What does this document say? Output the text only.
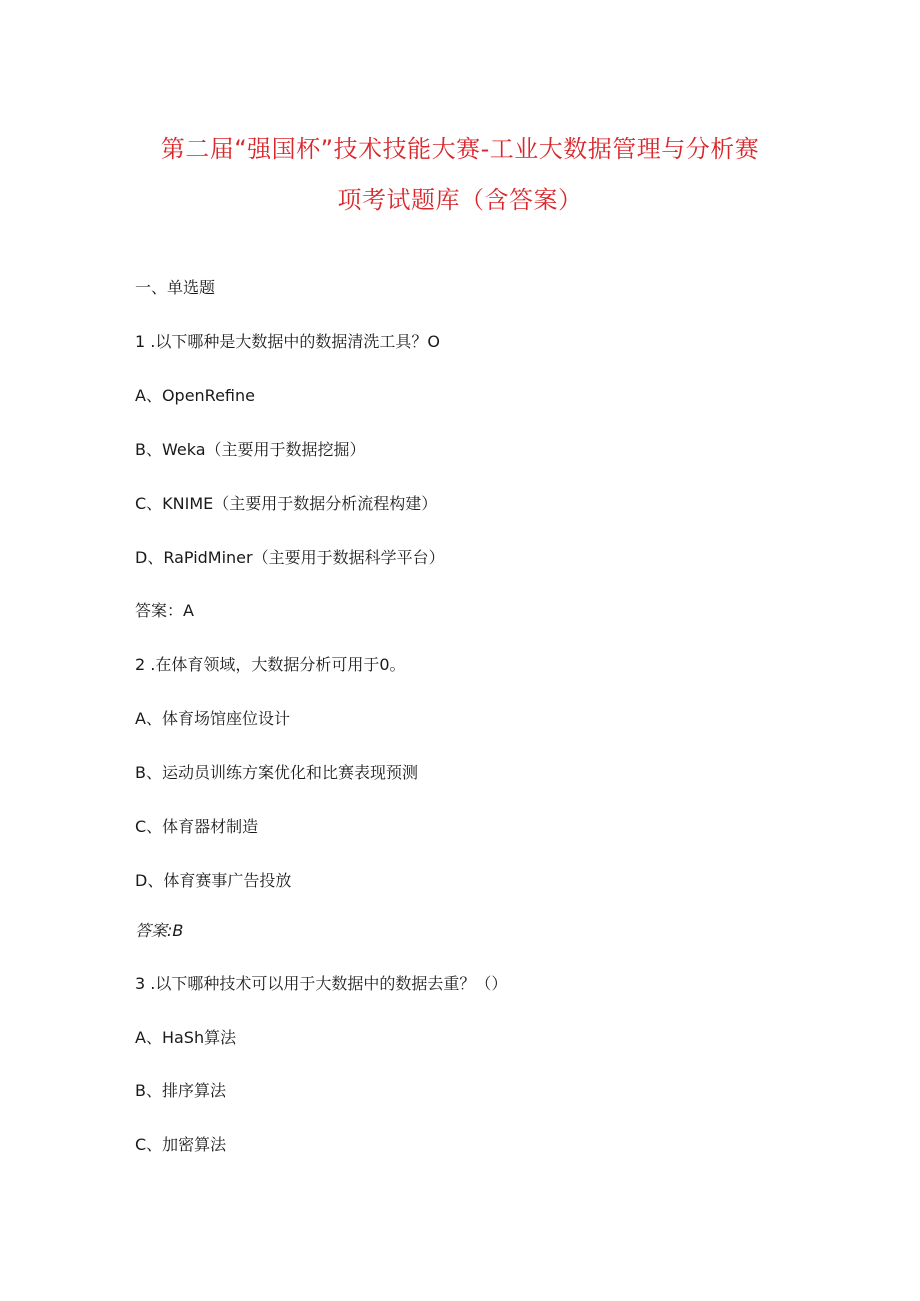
第二届“强国杯”技术技能大赛-工业大数据管理与分析赛
项考试题库（含答案）
一、单选题
1 .以下哪种是大数据中的数据清洗工具？O
A、OpenRefine
B、Weka（主要用于数据挖掘）
C、KNIME（主要用于数据分析流程构建）
D、RaPidMiner（主要用于数据科学平台）
答案：A
2 .在体育领域，大数据分析可用于0。
A、体育场馆座位设计
B、运动员训练方案优化和比赛表现预测
C、体育器材制造
D、体育赛事广告投放
答案:B
3 .以下哪种技术可以用于大数据中的数据去重？（）
A、HaSh算法
B、排序算法
C、加密算法
